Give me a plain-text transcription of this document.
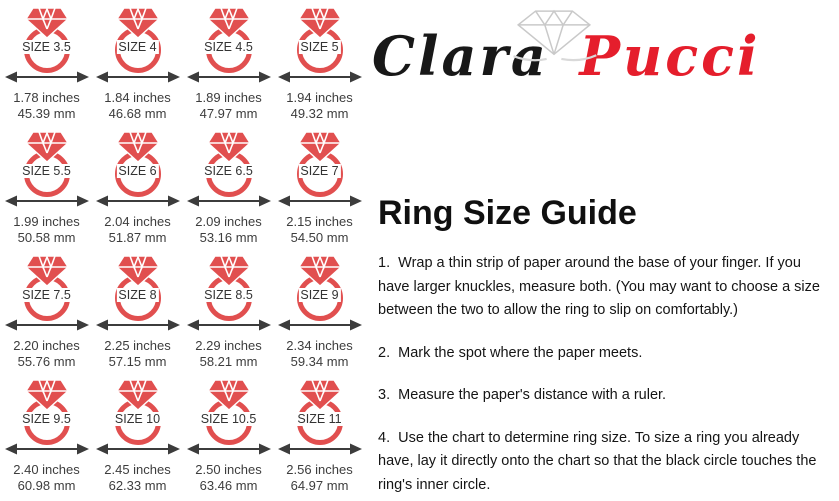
SIZE 3.5
1.78 inches
45.39 mm
SIZE 4
1.84 inches
46.68 mm
SIZE 4.5
1.89 inches
47.97 mm
SIZE 5
1.94 inches
49.32 mm
SIZE 5.5
1.99 inches
50.58 mm
SIZE 6
2.04 inches
51.87 mm
SIZE 6.5
2.09 inches
53.16 mm
SIZE 7
2.15 inches
54.50 mm
SIZE 7.5
2.20 inches
55.76 mm
SIZE 8
2.25 inches
57.15 mm
SIZE 8.5
2.29 inches
58.21 mm
SIZE 9
2.34 inches
59.34 mm
SIZE 9.5
2.40 inches
60.98 mm
SIZE 10
2.45 inches
62.33 mm
SIZE 10.5
2.50 inches
63.46 mm
SIZE 11
2.56 inches
64.97 mm
Clara Pucci
Ring Size Guide

1.  Wrap a thin strip of paper around the base of your finger. If you have larger knuckles, measure both. (You may want to choose a size between the two to allow the ring to slip on comfortably.)

2.  Mark the spot where the paper meets.

3.  Measure the paper's distance with a ruler.

4.  Use the chart to determine ring size. To size a ring you already have, lay it directly onto the chart so that the black circle touches the ring's inner circle.
